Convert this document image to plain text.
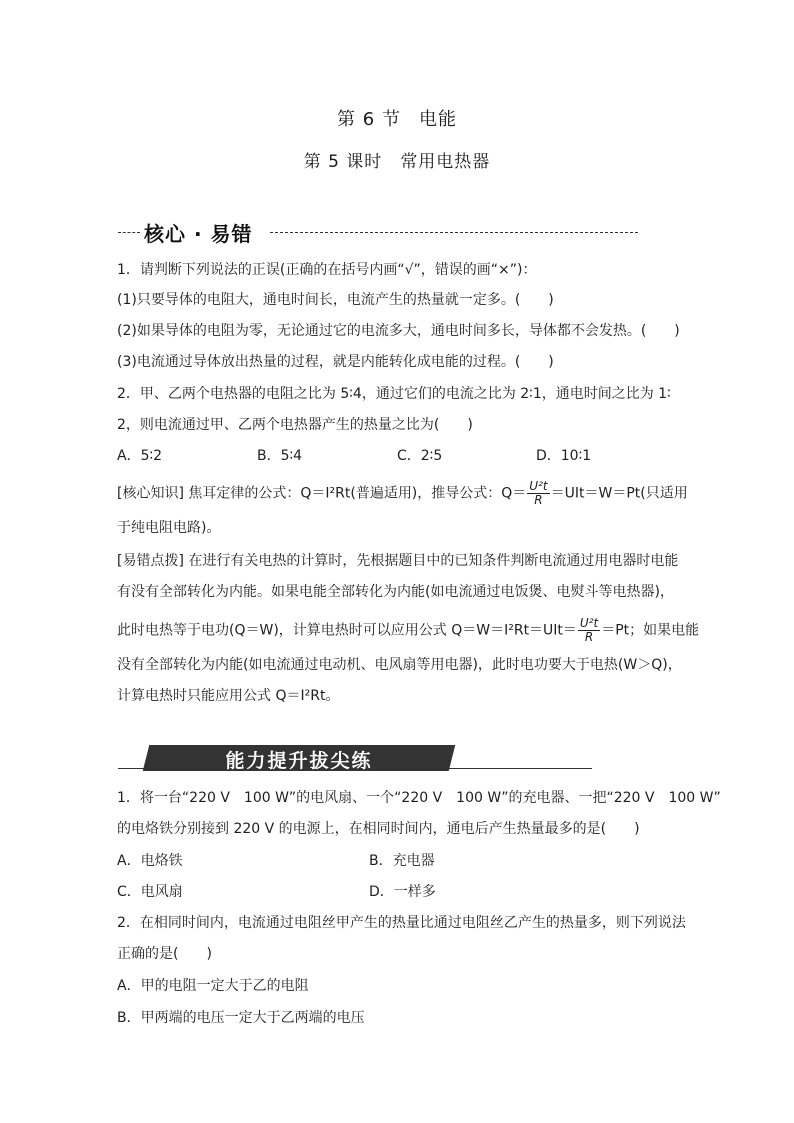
第 6 节 电能
第 5 课时 常用电热器
核心 · 易错
1．请判断下列说法的正误(正确的在括号内画“√”，错误的画“×”)：
(1)只要导体的电阻大，通电时间长，电流产生的热量就一定多。(　　)
(2)如果导体的电阻为零，无论通过它的电流多大，通电时间多长，导体都不会发热。(　　)
(3)电流通过导体放出热量的过程，就是内能转化成电能的过程。(　　)
2．甲、乙两个电热器的电阻之比为 5∶4，通过它们的电流之比为 2∶1，通电时间之比为 1∶
2，则电流通过甲、乙两个电热器产生的热量之比为(　　)
A．5∶2	B．5∶4	C．2∶5	D．10∶1
[核心知识] 焦耳定律的公式：Q＝I²Rt(普遍适用)，推导公式：$Q= \frac{\text{U²t}}{R} =UIt=W=Pt$(只适用
于纯电阻电路)。
[易错点拨] 在进行有关电热的计算时，先根据题目中的已知条件判断电流通过用电器时电能
有没有全部转化为内能。如果电能全部转化为内能(如电流通过电饭煲、电熨斗等电热器)，
此时电热等于电功(Q＝W)，计算电热时可以应用公式 $Q=W=I^2Rt=UIt= \frac{\text{U²t}}{R} =Pt$；如果电能
没有全部转化为内能(如电流通过电动机、电风扇等用电器)，此时电功要大于电热(W＞Q)，
计算电热时只能应用公式 Q＝I²Rt。
能力提升拔尖练
1．将一台“220 V　100 W”的电风扇、一个“220 V　100 W”的充电器、一把“220 V　100 W”
的电烙铁分别接到 220 V 的电源上，在相同时间内，通电后产生热量最多的是(　　)
A．电烙铁	B．充电器
C．电风扇	D．一样多
2．在相同时间内，电流通过电阻丝甲产生的热量比通过电阻丝乙产生的热量多，则下列说法
正确的是(　　)
A．甲的电阻一定大于乙的电阻
B．甲两端的电压一定大于乙两端的电压
